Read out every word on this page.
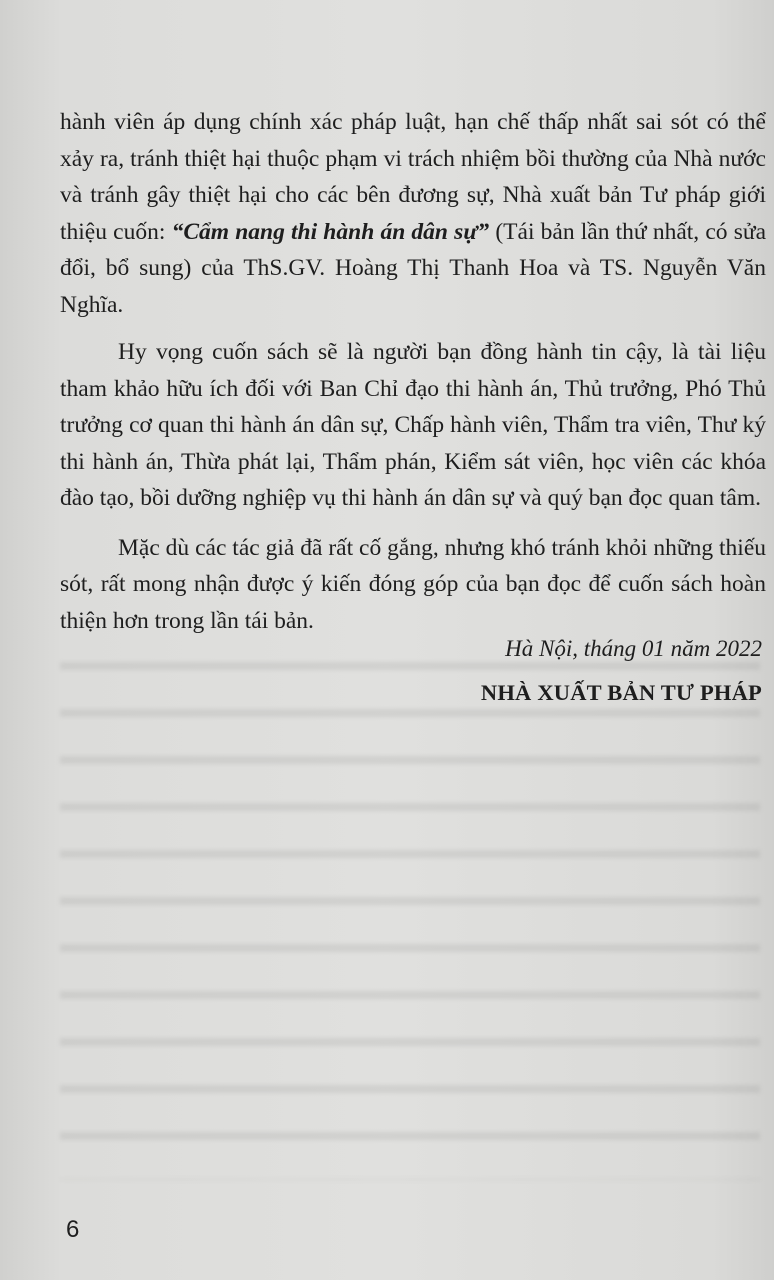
hành viên áp dụng chính xác pháp luật, hạn chế thấp nhất sai sót có thể xảy ra, tránh thiệt hại thuộc phạm vi trách nhiệm bồi thường của Nhà nước và tránh gây thiệt hại cho các bên đương sự, Nhà xuất bản Tư pháp giới thiệu cuốn: “Cẩm nang thi hành án dân sự” (Tái bản lần thứ nhất, có sửa đổi, bổ sung) của ThS.GV. Hoàng Thị Thanh Hoa và TS. Nguyễn Văn Nghĩa.

Hy vọng cuốn sách sẽ là người bạn đồng hành tin cậy, là tài liệu tham khảo hữu ích đối với Ban Chỉ đạo thi hành án, Thủ trưởng, Phó Thủ trưởng cơ quan thi hành án dân sự, Chấp hành viên, Thẩm tra viên, Thư ký thi hành án, Thừa phát lại, Thẩm phán, Kiểm sát viên, học viên các khóa đào tạo, bồi dưỡng nghiệp vụ thi hành án dân sự và quý bạn đọc quan tâm.

Mặc dù các tác giả đã rất cố gắng, nhưng khó tránh khỏi những thiếu sót, rất mong nhận được ý kiến đóng góp của bạn đọc để cuốn sách hoàn thiện hơn trong lần tái bản.

Hà Nội, tháng 01 năm 2022
NHÀ XUẤT BẢN TƯ PHÁP
6
